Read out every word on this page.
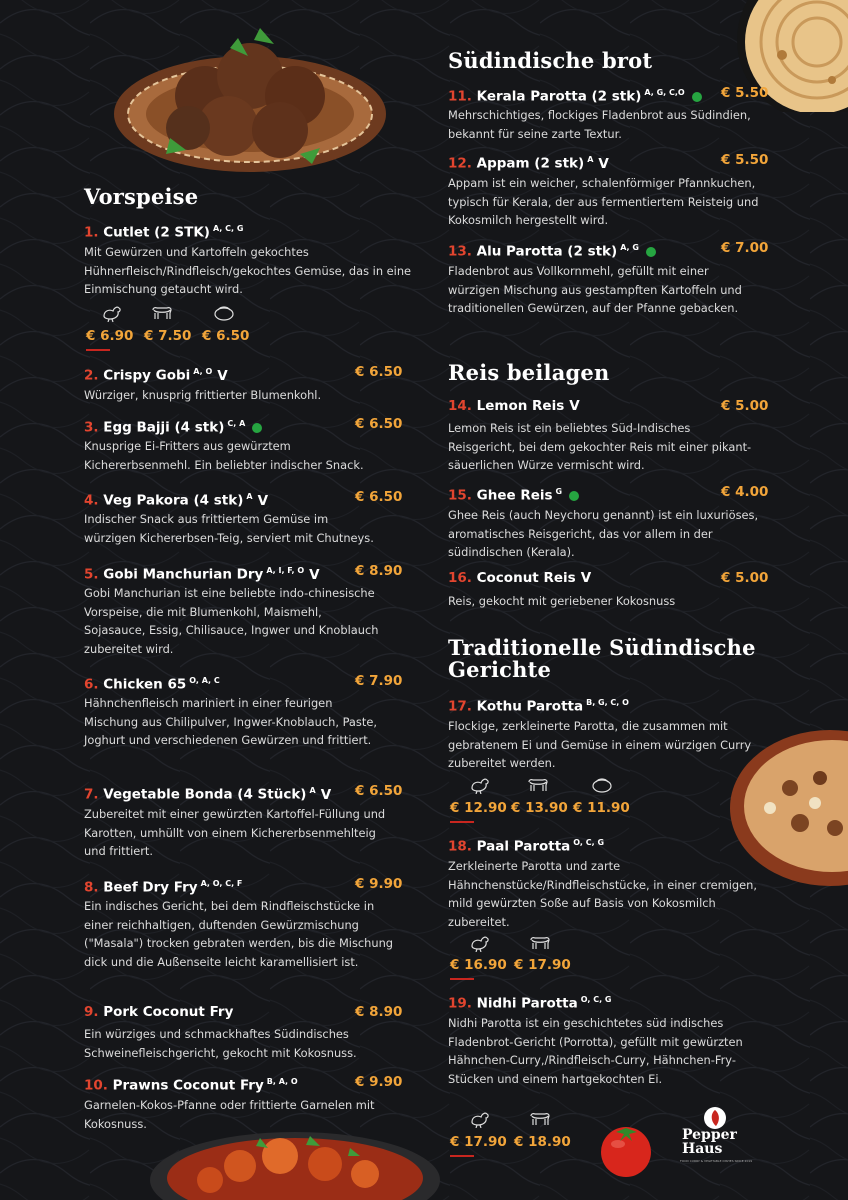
Pepper
Haus
FOOD CURRY & VEGETABLE DISHES SINCE 2019
Vorspeise
1. Cutlet (2 STK) $^{A, C, G}$

Mit Gewürzen und Kartoffeln gekochtes Hühnerfleisch/Rindfleisch/gekochtes Gemüse, das in eine Einmischung getaucht wird.

€ 6.90 € 7.50 € 6.50
2. Crispy Gobi $^{A, O}$ V	€ 6.50

Würziger, knusprig frittierter Blumenkohl.

3. Egg Bajji (4 stk) $^{C, A}$	€ 6.50

Knusprige Ei-Fritters aus gewürztem Kichererbsenmehl. Ein beliebter indischer Snack.

4. Veg Pakora (4 stk) $^A$ V	€ 6.50

Indischer Snack aus frittiertem Gemüse im würzigen Kichererbsen-Teig, serviert mit Chutneys.

5. Gobi Manchurian Dry $^{A, I, F, O}$ V	€ 8.90

Gobi Manchurian ist eine beliebte indo-chinesische Vorspeise, die mit Blumenkohl, Maismehl, Sojasauce, Essig, Chilisauce, Ingwer und Knoblauch zubereitet wird.

6. Chicken 65 $^{O, A, C}$	€ 7.90

Hähnchenfleisch mariniert in einer feurigen Mischung aus Chilipulver, Ingwer-Knoblauch, Paste, Joghurt und verschiedenen Gewürzen und frittiert.

7. Vegetable Bonda (4 Stück) $^A$ V € 6.50

Zubereitet mit einer gewürzten Kartoffel-Füllung und Karotten, umhüllt von einem Kichererbsenmehlteig und frittiert.

8. Beef Dry Fry $^{A, O, C, F}$	€ 9.90

Ein indisches Gericht, bei dem Rindfleischstücke in einer reichhaltigen, duftenden Gewürzmischung ("Masala") trocken gebraten werden, bis die Mischung dick und die Außenseite leicht karamellisiert ist.

9. Pork Coconut Fry	€ 8.90

Ein würziges und schmackhaftes Südindisches Schweinefleischgericht, gekocht mit Kokosnuss.

10. Prawns Coconut Fry $^{B, A, O}$	€ 9.90

Garnelen-Kokos-Pfanne oder frittierte Garnelen mit Kokosnuss.

Südindische brot
11. Kerala Parotta (2 stk) $^{A, G, C,O}$	€ 5.50

Mehrschichtiges, flockiges Fladenbrot aus Südindien, bekannt für seine zarte Textur.

12. Appam (2 stk) $^A$ V	€ 5.50

Appam ist ein weicher, schalenförmiger Pfannkuchen, typisch für Kerala, der aus fermentiertem Reisteig und Kokosmilch hergestellt wird.

13. Alu Parotta (2 stk) $^{A, G}$	€ 7.00

Fladenbrot aus Vollkornmehl, gefüllt mit einer würzigen Mischung aus gestampften Kartoffeln und traditionellen Gewürzen, auf der Pfanne gebacken.

Reis beilagen
14. Lemon Reis V	€ 5.00

Lemon Reis ist ein beliebtes Süd-Indisches Reisgericht, bei dem gekochter Reis mit einer pikant-säuerlichen Würze vermischt wird.

15. Ghee Reis $^G$	€ 4.00

Ghee Reis (auch Neychoru genannt) ist ein luxuriöses, aromatisches Reisgericht, das vor allem in der südindischen (Kerala).

16. Coconut Reis V	€ 5.00

Reis, gekocht mit geriebener Kokosnuss

Traditionelle Südindische Gerichte
17. Kothu Parotta $^{B, G, C, O}$

Flockige, zerkleinerte Parotta, die zusammen mit gebratenem Ei und Gemüse in einem würzigen Curry zubereitet werden.

€ 12.90 € 13.90 € 11.90
18. Paal Parotta $^{O, C, G}$

Zerkleinerte Parotta und zarte Hähnchenstücke/Rindfleischstücke, in einer cremigen, mild gewürzten Soße auf Basis von Kokosmilch zubereitet.

€ 16.90 € 17.90
19. Nidhi Parotta $^{O, C, G}$

Nidhi Parotta ist ein geschichtetes süd indisches Fladenbrot-Gericht (Porrotta), gefüllt mit gewürzten Hähnchen-Curry,/Rindfleisch-Curry, Hähnchen-Fry-Stücken und einem hartgekochten Ei.

€ 17.90 € 18.90
